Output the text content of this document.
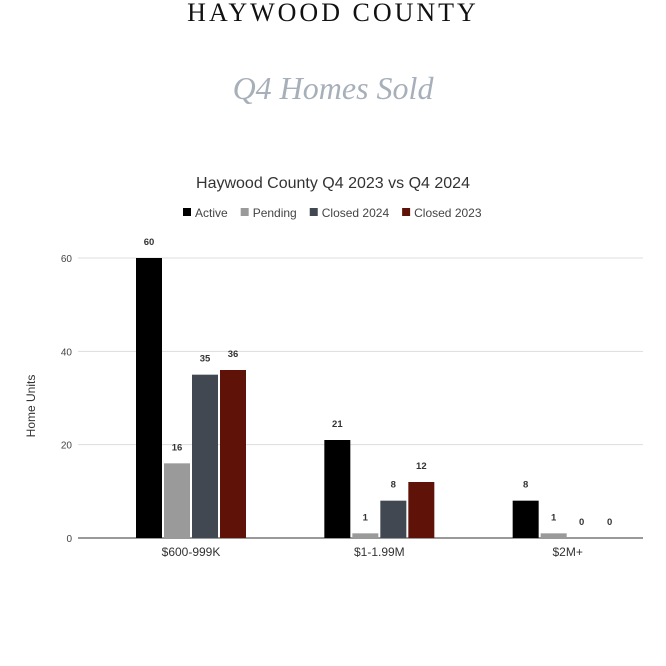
HAYWOOD COUNTY
Q4 Homes Sold
Haywood County Q4 2023 vs Q4 2024
Active Pending Closed 2024 Closed 2023
0
20
40
60
60
16
35 36
21
1
8
12
8
1 0 0
$600-999K	$1-1.99M	$2M+
Home Units
